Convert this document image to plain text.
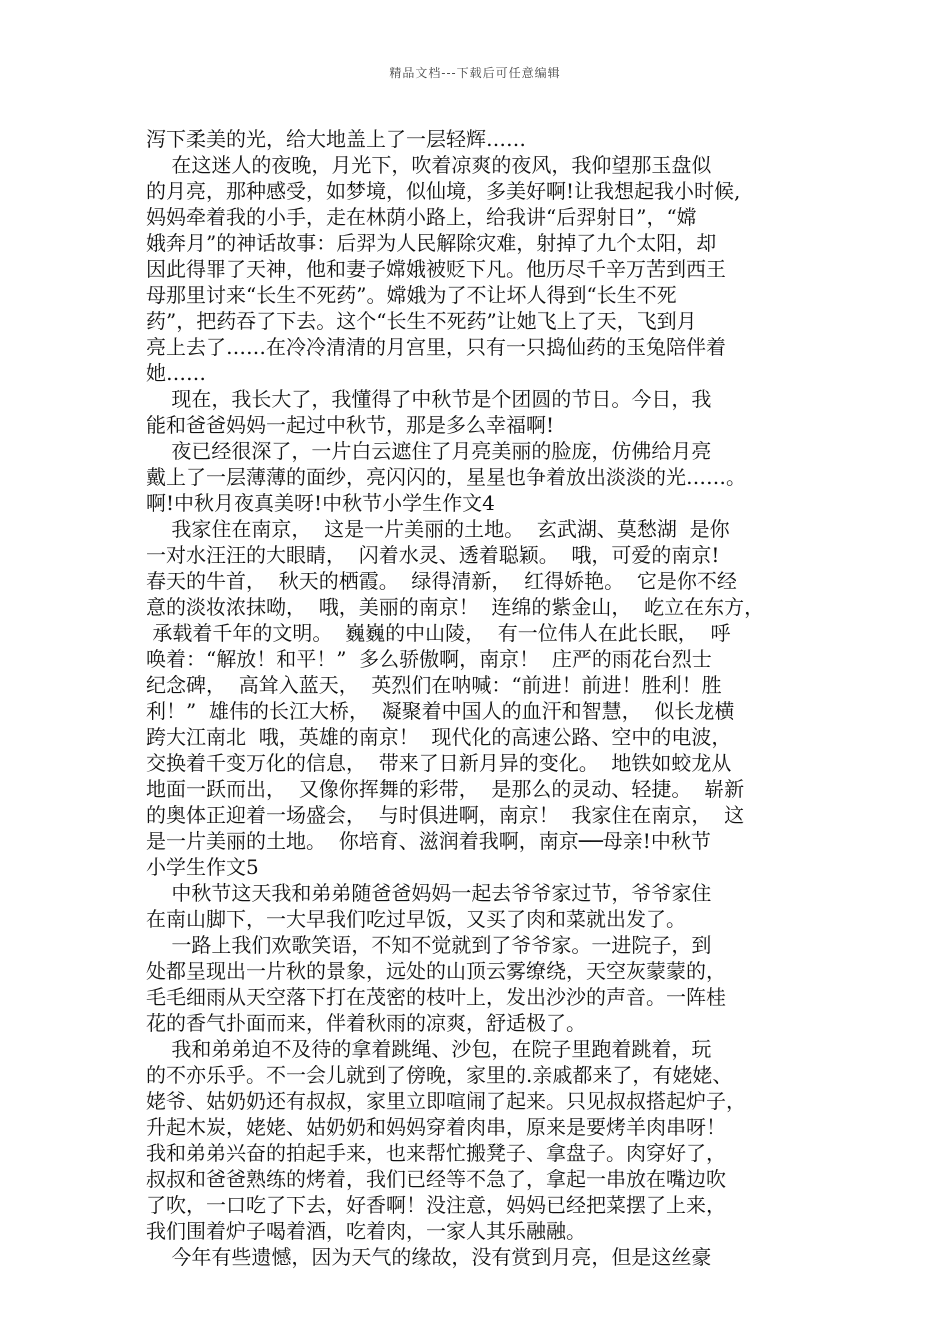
精品文档---下载后可任意编辑
泻下柔美的光，给大地盖上了一层轻辉……
在这迷人的夜晚，月光下，吹着凉爽的夜风，我仰望那玉盘似
的月亮，那种感受，如梦境，似仙境，多美好啊!让我想起我小时候,
妈妈牵着我的小手，走在林荫小路上，给我讲“后羿射日”，“嫦
娥奔月”的神话故事：后羿为人民解除灾难，射掉了九个太阳，却
因此得罪了天神，他和妻子嫦娥被贬下凡。他历尽千辛万苦到西王
母那里讨来“长生不死药”。嫦娥为了不让坏人得到“长生不死
药”，把药吞了下去。这个“长生不死药”让她飞上了天，飞到月
亮上去了……在冷冷清清的月宫里，只有一只捣仙药的玉兔陪伴着
她……
现在，我长大了，我懂得了中秋节是个团圆的节日。今日，我
能和爸爸妈妈一起过中秋节，那是多么幸福啊!
夜已经很深了，一片白云遮住了月亮美丽的脸庞，仿佛给月亮
戴上了一层薄薄的面纱，亮闪闪的，星星也争着放出淡淡的光……。
啊!中秋月夜真美呀!中秋节小学生作文4
我家住在南京，  这是一片美丽的土地。  玄武湖、莫愁湖  是你
一对水汪汪的大眼睛，  闪着水灵、透着聪颖。  哦，可爱的南京!
春天的牛首，  秋天的栖霞。  绿得清新，  红得娇艳。  它是你不经
意的淡妆浓抹呦，  哦，美丽的南京！  连绵的紫金山，  屹立在东方，
承载着千年的文明。  巍巍的中山陵，  有一位伟人在此长眠，  呼
唤着：“解放！和平！”  多么骄傲啊，南京！  庄严的雨花台烈士
纪念碑，  高耸入蓝天，  英烈们在呐喊：“前进！前进！胜利！胜
利！”  雄伟的长江大桥，  凝聚着中国人的血汗和智慧，  似长龙横
跨大江南北  哦，英雄的南京！  现代化的高速公路、空中的电波，
交换着千变万化的信息，  带来了日新月异的变化。  地铁如蛟龙从
地面一跃而出，  又像你挥舞的彩带，  是那么的灵动、轻捷。  崭新
的奥体正迎着一场盛会，  与时俱进啊，南京！  我家住在南京，  这
是一片美丽的土地。  你培育、滋润着我啊，南京──母亲!中秋节
小学生作文5
中秋节这天我和弟弟随爸爸妈妈一起去爷爷家过节，爷爷家住
在南山脚下，一大早我们吃过早饭，又买了肉和菜就出发了。
一路上我们欢歌笑语，不知不觉就到了爷爷家。一进院子，到
处都呈现出一片秋的景象，远处的山顶云雾缭绕，天空灰蒙蒙的，
毛毛细雨从天空落下打在茂密的枝叶上，发出沙沙的声音。一阵桂
花的香气扑面而来，伴着秋雨的凉爽，舒适极了。
我和弟弟迫不及待的拿着跳绳、沙包，在院子里跑着跳着，玩
的不亦乐乎。不一会儿就到了傍晚，家里的.亲戚都来了，有姥姥、
姥爷、姑奶奶还有叔叔，家里立即喧闹了起来。只见叔叔搭起炉子，
升起木炭，姥姥、姑奶奶和妈妈穿着肉串，原来是要烤羊肉串呀！
我和弟弟兴奋的拍起手来，也来帮忙搬凳子、拿盘子。肉穿好了，
叔叔和爸爸熟练的烤着，我们已经等不急了，拿起一串放在嘴边吹
了吹，一口吃了下去，好香啊！没注意，妈妈已经把菜摆了上来，
我们围着炉子喝着酒，吃着肉，一家人其乐融融。
今年有些遗憾，因为天气的缘故，没有赏到月亮，但是这丝豪
